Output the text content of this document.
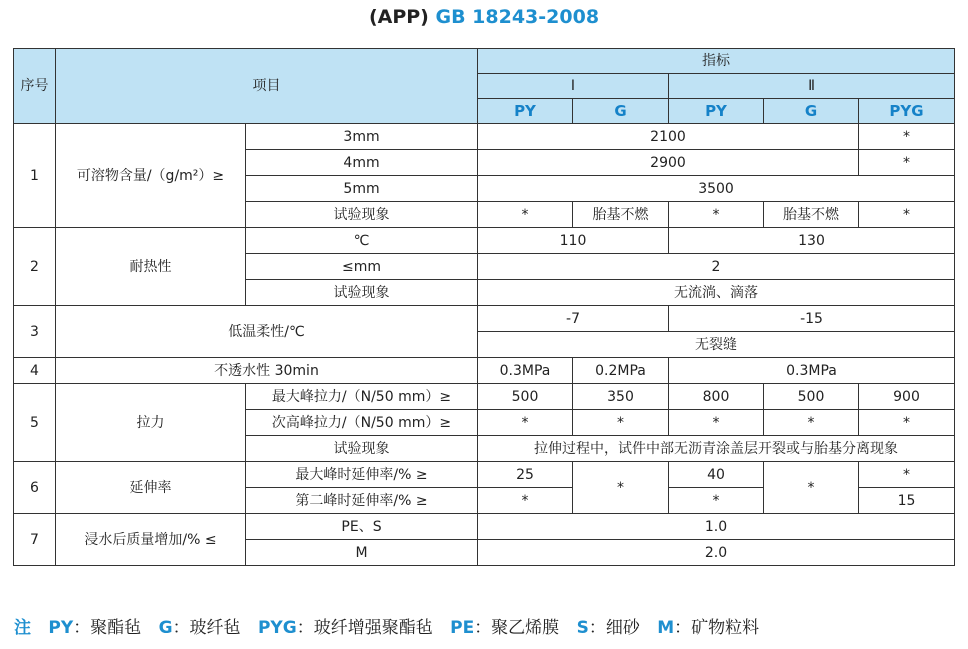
(APP) GB 18243-2008
序号	项目		指标				
			Ⅰ		Ⅱ		
			PY	G	PY	G	PYG
1	可溶物含量/（g/m²）≥	3mm	2100				*
		4mm	2900				*
		5mm	3500				
		试验现象	*	胎基不燃	*	胎基不燃	*
2	耐热性	℃	110		130		
		≤mm	2				
		试验现象	无流淌、滴落				
3	低温柔性/℃		-7		-15		
			无裂缝				
4	不透水性 30min		0.3MPa	0.2MPa	0.3MPa		
5	拉力	最大峰拉力/（N/50 mm）≥	500	350	800	500	900
		次高峰拉力/（N/50 mm）≥	*	*	*	*	*
		试验现象	拉伸过程中，试件中部无沥青涂盖层开裂或与胎基分离现象				
6	延伸率	最大峰时延伸率/% ≥	25	*	40	*	*
		第二峰时延伸率/% ≥	*		*		15
7	浸水后质量增加/% ≤	PE、S	1.0				
		M	2.0				
注 PY：聚酯毡 G：玻纤毡 PYG：玻纤增强聚酯毡 PE：聚乙烯膜 S：细砂 M：矿物粒料
